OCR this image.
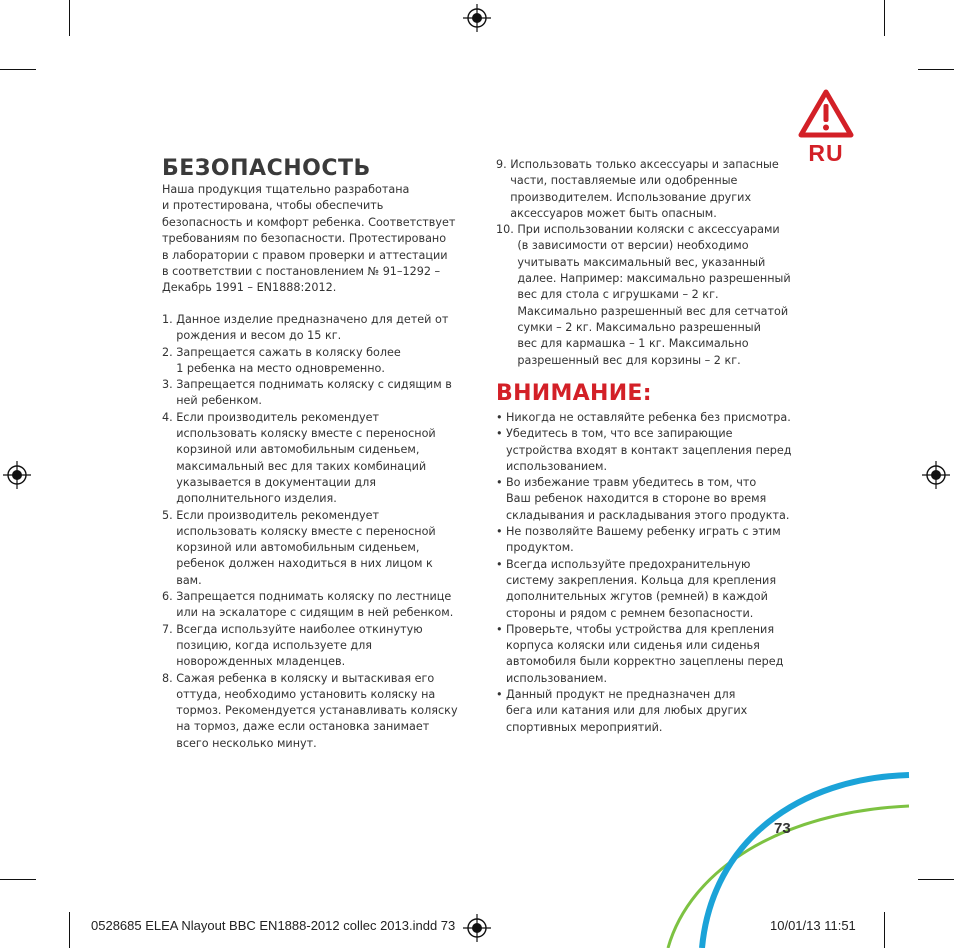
RU
БЕЗОПАСНОСТЬ
Наша продукция тщательно разработана
и протестирована, чтобы обеспечить
безопасность и комфорт ребенка. Соответствует
требованиям по безопасности. Протестировано
в лаборатории с правом проверки и аттестации
в соответствии с постановлением № 91–1292 –
Декабрь 1991 – EN1888:2012.
1. Данное изделие предназначено для детей от
рождения и весом до 15 кг.
2. Запрещается сажать в коляску более
1 ребенка на место одновременно.
3. Запрещается поднимать коляску с сидящим в
ней ребенком.
4. Если производитель рекомендует
использовать коляску вместе с переносной
корзиной или автомобильным сиденьем,
максимальный вес для таких комбинаций
указывается в документации для
дополнительного изделия.
5. Если производитель рекомендует
использовать коляску вместе с переносной
корзиной или автомобильным сиденьем,
ребенок должен находиться в них лицом к
вам.
6. Запрещается поднимать коляску по лестнице
или на эскалаторе с сидящим в ней ребенком.
7. Всегда используйте наиболее откинутую
позицию, когда используете для
новорожденных младенцев.
8. Сажая ребенка в коляску и вытаскивая его
оттуда, необходимо установить коляску на
тормоз. Рекомендуется устанавливать коляску
на тормоз, даже если остановка занимает
всего несколько минут.
9. Использовать только аксессуары и запасные
части, поставляемые или одобренные
производителем. Использование других
аксессуаров может быть опасным.
10. При использовании коляски с аксессуарами
(в зависимости от версии) необходимо
учитывать максимальный вес, указанный
далее. Например: максимально разрешенный
вес для стола с игрушками – 2 кг.
Максимально разрешенный вес для сетчатой
сумки – 2 кг. Максимально разрешенный
вес для кармашка – 1 кг. Максимально
разрешенный вес для корзины – 2 кг.
ВНИМАНИЕ:
• Никогда не оставляйте ребенка без присмотра.
• Убедитесь в том, что все запирающие
устройства входят в контакт зацепления перед
использованием.
• Во избежание травм убедитесь в том, что
Ваш ребенок находится в стороне во время
складывания и раскладывания этого продукта.
• Не позволяйте Вашему ребенку играть с этим
продуктом.
• Всегда используйте предохранительную
систему закрепления. Кольца для крепления
дополнительных жгутов (ремней) в каждой
стороны и рядом с ремнем безопасности.
• Проверьте, чтобы устройства для крепления
корпуса коляски или сиденья или сиденья
автомобиля были корректно зацеплены перед
использованием.
• Данный продукт не предназначен для
бега или катания или для любых других
спортивных мероприятий.
73
0528685 ELEA Nlayout BBC EN1888-2012 collec 2013.indd 73	10/01/13 11:51
